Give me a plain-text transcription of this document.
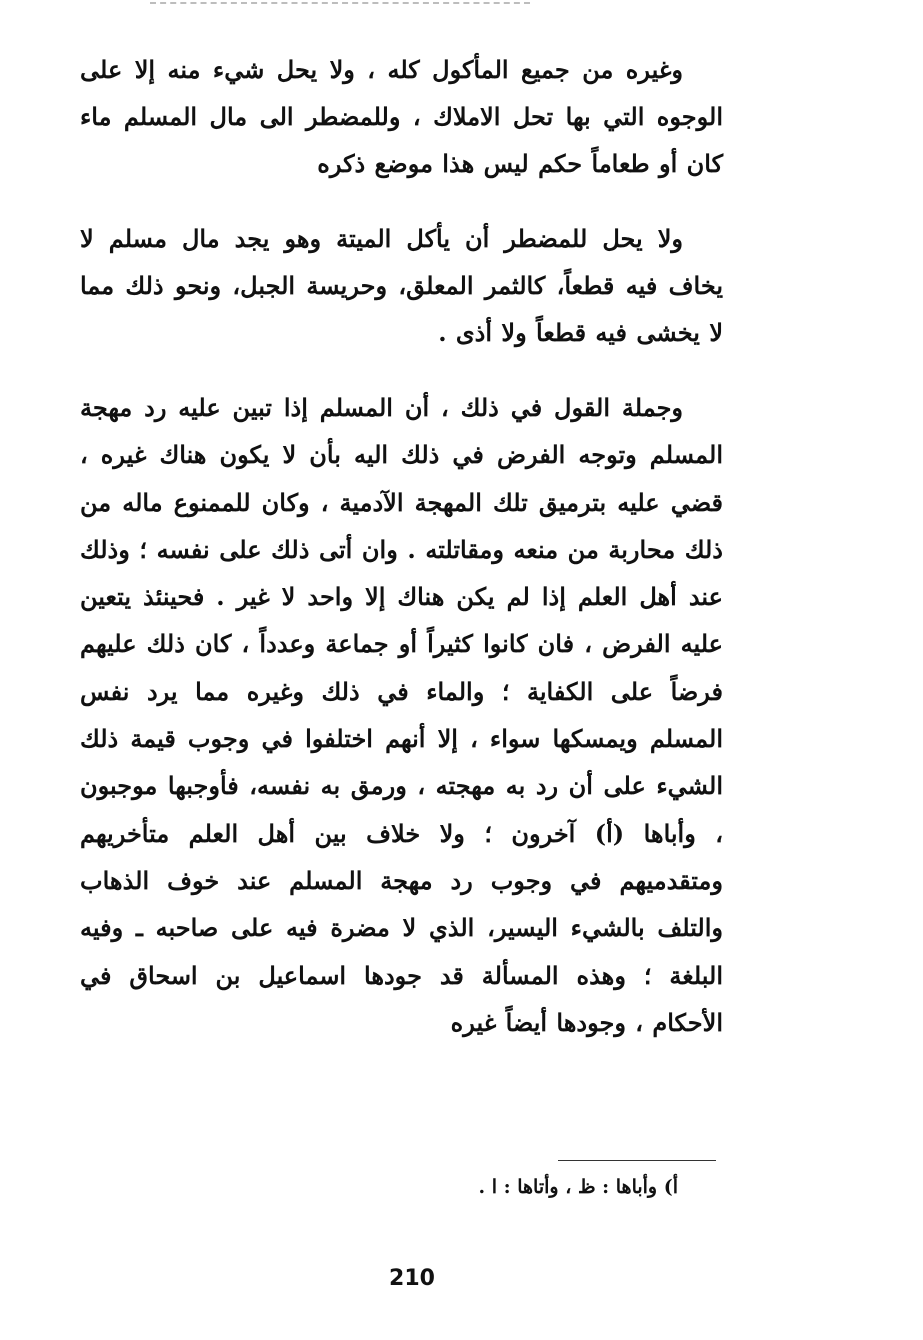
وغيره من جميع المأكول كله ، ولا يحل شيء منه إلا على الوجوه التي بها تحل الاملاك ، وللمضطر الى مال المسلم ماء كان أو طعاماً حكم ليس هذا موضع ذكره

ولا يحل للمضطر أن يأكل الميتة وهو يجد مال مسلم لا يخاف فيه قطعاً، كالثمر المعلق، وحريسة الجبل، ونحو ذلك مما لا يخشى فيه قطعاً ولا أذى .

وجملة القول في ذلك ، أن المسلم إذا تبين عليه رد مهجة المسلم وتوجه الفرض في ذلك اليه بأن لا يكون هناك غيره ، قضي عليه بترميق تلك المهجة الآدمية ، وكان للممنوع ماله من ذلك محاربة من منعه ومقاتلته . وان أتى ذلك على نفسه ؛ وذلك عند أهل العلم إذا لم يكن هناك إلا واحد لا غير . فحينئذ يتعين عليه الفرض ، فان كانوا كثيراً أو جماعة وعدداً ، كان ذلك عليهم فرضاً على الكفاية ؛ والماء في ذلك وغيره مما يرد نفس المسلم ويمسكها سواء ، إلا أنهم اختلفوا في وجوب قيمة ذلك الشيء على أن رد به مهجته ، ورمق به نفسه، فأوجبها موجبون ، وأباها (أ) آخرون ؛ ولا خلاف بين أهل العلم متأخريهم ومتقدميهم في وجوب رد مهجة المسلم عند خوف الذهاب والتلف بالشيء اليسير، الذي لا مضرة فيه على صاحبه ـ وفيه البلغة ؛ وهذه المسألة قد جودها اسماعيل بن اسحاق في الأحكام ، وجودها أيضاً غيره

أ) وأباها : ظ ، وأتاها : ا .
210
